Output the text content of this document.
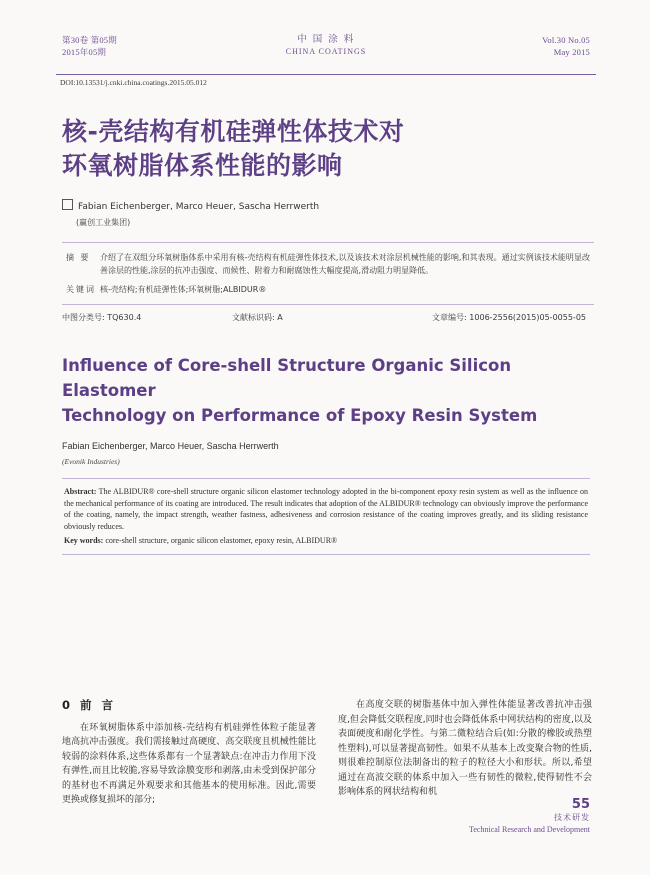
第30卷 第05期
2015年05期
中 国 涂 料
CHINA COATINGS
Vol.30 No.05
May 2015
DOI:10.13531/j.cnki.china.coatings.2015.05.012
核-壳结构有机硅弹性体技术对
环氧树脂体系性能的影响
Fabian Eichenberger, Marco Heuer, Sascha Herrwerth
(赢创工业集团)
摘 要	介绍了在双组分环氧树脂体系中采用有核-壳结构有机硅弹性体技术,以及该技术对涂层机械性能的影响,和其表现。通过实例该技术能明显改善涂层的性能,涂层的抗冲击强度、而候性、附着力和耐腐蚀性大幅度提高,滑动阻力明显降低。
关键词 核-壳结构;有机硅弹性体;环氧树脂;ALBIDUR®
中图分类号: TQ630.4	文献标识码: A	文章编号: 1006-2556(2015)05-0055-05
Influence of Core-shell Structure Organic Silicon Elastomer
Technology on Performance of Epoxy Resin System
Fabian Eichenberger, Marco Heuer, Sascha Herrwerth
(Evonik Industries)
Abstract: The ALBIDUR® core-shell structure organic silicon elastomer technology adopted in the bi-component epoxy resin system as well as the influence on the mechanical performance of its coating are introduced. The result indicates that adoption of the ALBIDUR® technology can obviously improve the performance of the coating, namely, the impact strength, weather fastness, adhesiveness and corrosion resistance of the coating improves greatly, and its sliding resistance obviously reduces.
Key words: core-shell structure, organic silicon elastomer, epoxy resin, ALBIDUR®
0 前 言

在环氧树脂体系中添加核-壳结构有机硅弹性体粒子能显著地高抗冲击强度。我们需接触过高硬度、高交联度且机械性能比较弱的涂料体系,这些体系都有一个显著缺点:在冲击力作用下没有弹性,而且比较脆,容易导致涂膜变形和剥落,由未受到保护部分的基材也不再满足外观要求和其他基本的使用标准。因此,需要更换或修复损坏的部分;

在高度交联的树脂基体中加入弹性体能显著改善抗冲击强度,但会降低交联程度,同时也会降低体系中网状结构的密度,以及表面硬度和耐化学性。与第二微粒结合后(如:分散的橡胶或热塑性塑料),可以显著提高韧性。如果不从基本上改变聚合物的性质,则很难控制原位法制备出的粒子的粒径大小和形状。所以,希望通过在高波交联的体系中加入一些有韧性的微粒,使得韧性不会影响体系的网状结构和机

55
技术研发
Technical Research and Development
